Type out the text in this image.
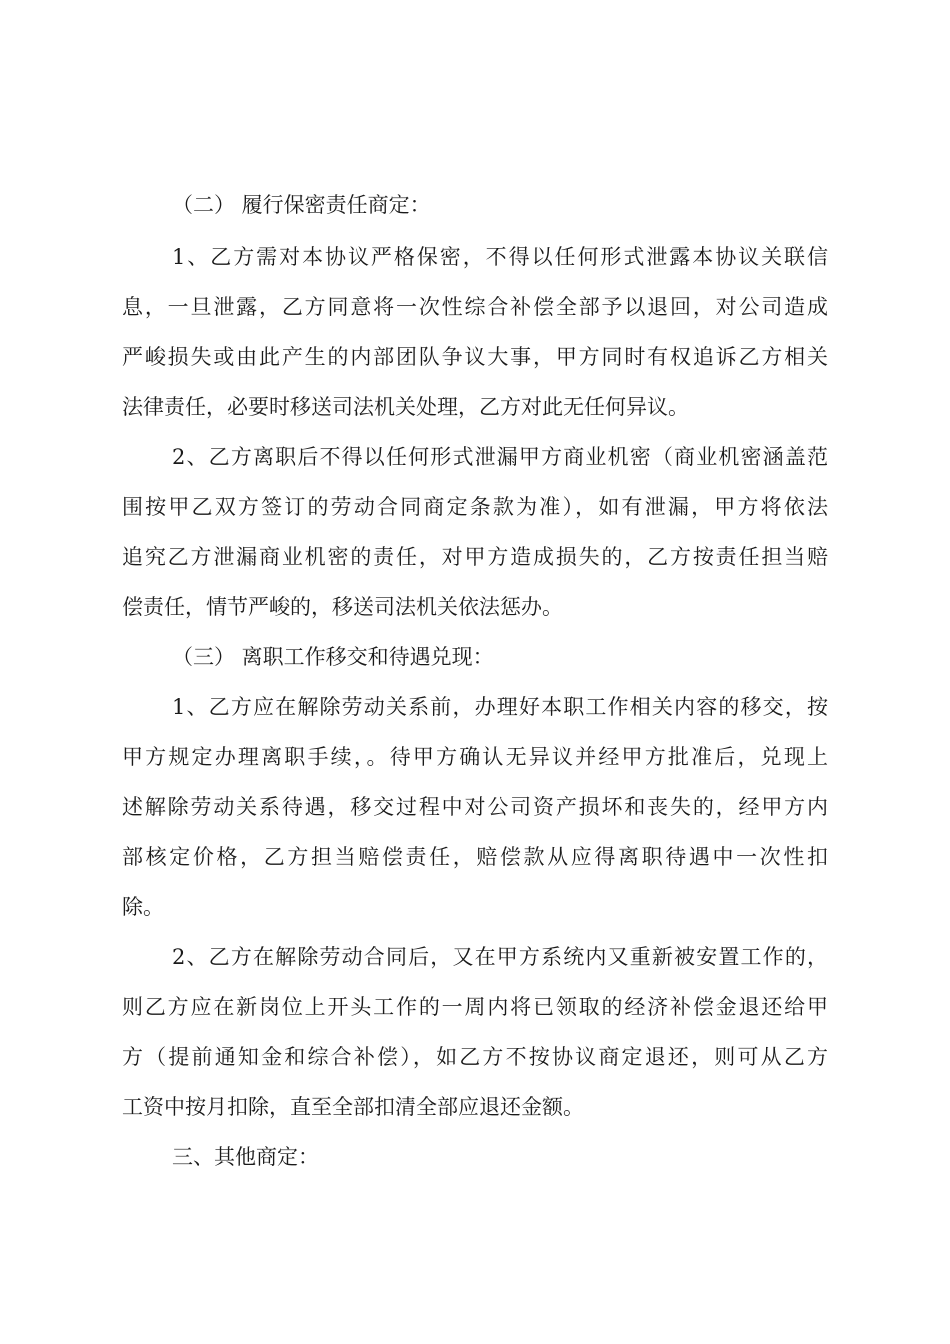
（二） 履行保密责任商定：
1、乙方需对本协议严格保密，不得以任何形式泄露本协议关联信
息，一旦泄露，乙方同意将一次性综合补偿全部予以退回，对公司造成
严峻损失或由此产生的内部团队争议大事，甲方同时有权追诉乙方相关
法律责任，必要时移送司法机关处理，乙方对此无任何异议。
2、乙方离职后不得以任何形式泄漏甲方商业机密（商业机密涵盖范
围按甲乙双方签订的劳动合同商定条款为准），如有泄漏，甲方将依法
追究乙方泄漏商业机密的责任，对甲方造成损失的，乙方按责任担当赔
偿责任，情节严峻的，移送司法机关依法惩办。
（三） 离职工作移交和待遇兑现：
1、乙方应在解除劳动关系前，办理好本职工作相关内容的移交，按
甲方规定办理离职手续，。待甲方确认无异议并经甲方批准后，兑现上
述解除劳动关系待遇，移交过程中对公司资产损坏和丧失的，经甲方内
部核定价格，乙方担当赔偿责任，赔偿款从应得离职待遇中一次性扣
除。
2、乙方在解除劳动合同后，又在甲方系统内又重新被安置工作的，
则乙方应在新岗位上开头工作的一周内将已领取的经济补偿金退还给甲
方（提前通知金和综合补偿），如乙方不按协议商定退还，则可从乙方
工资中按月扣除，直至全部扣清全部应退还金额。
三、其他商定：
